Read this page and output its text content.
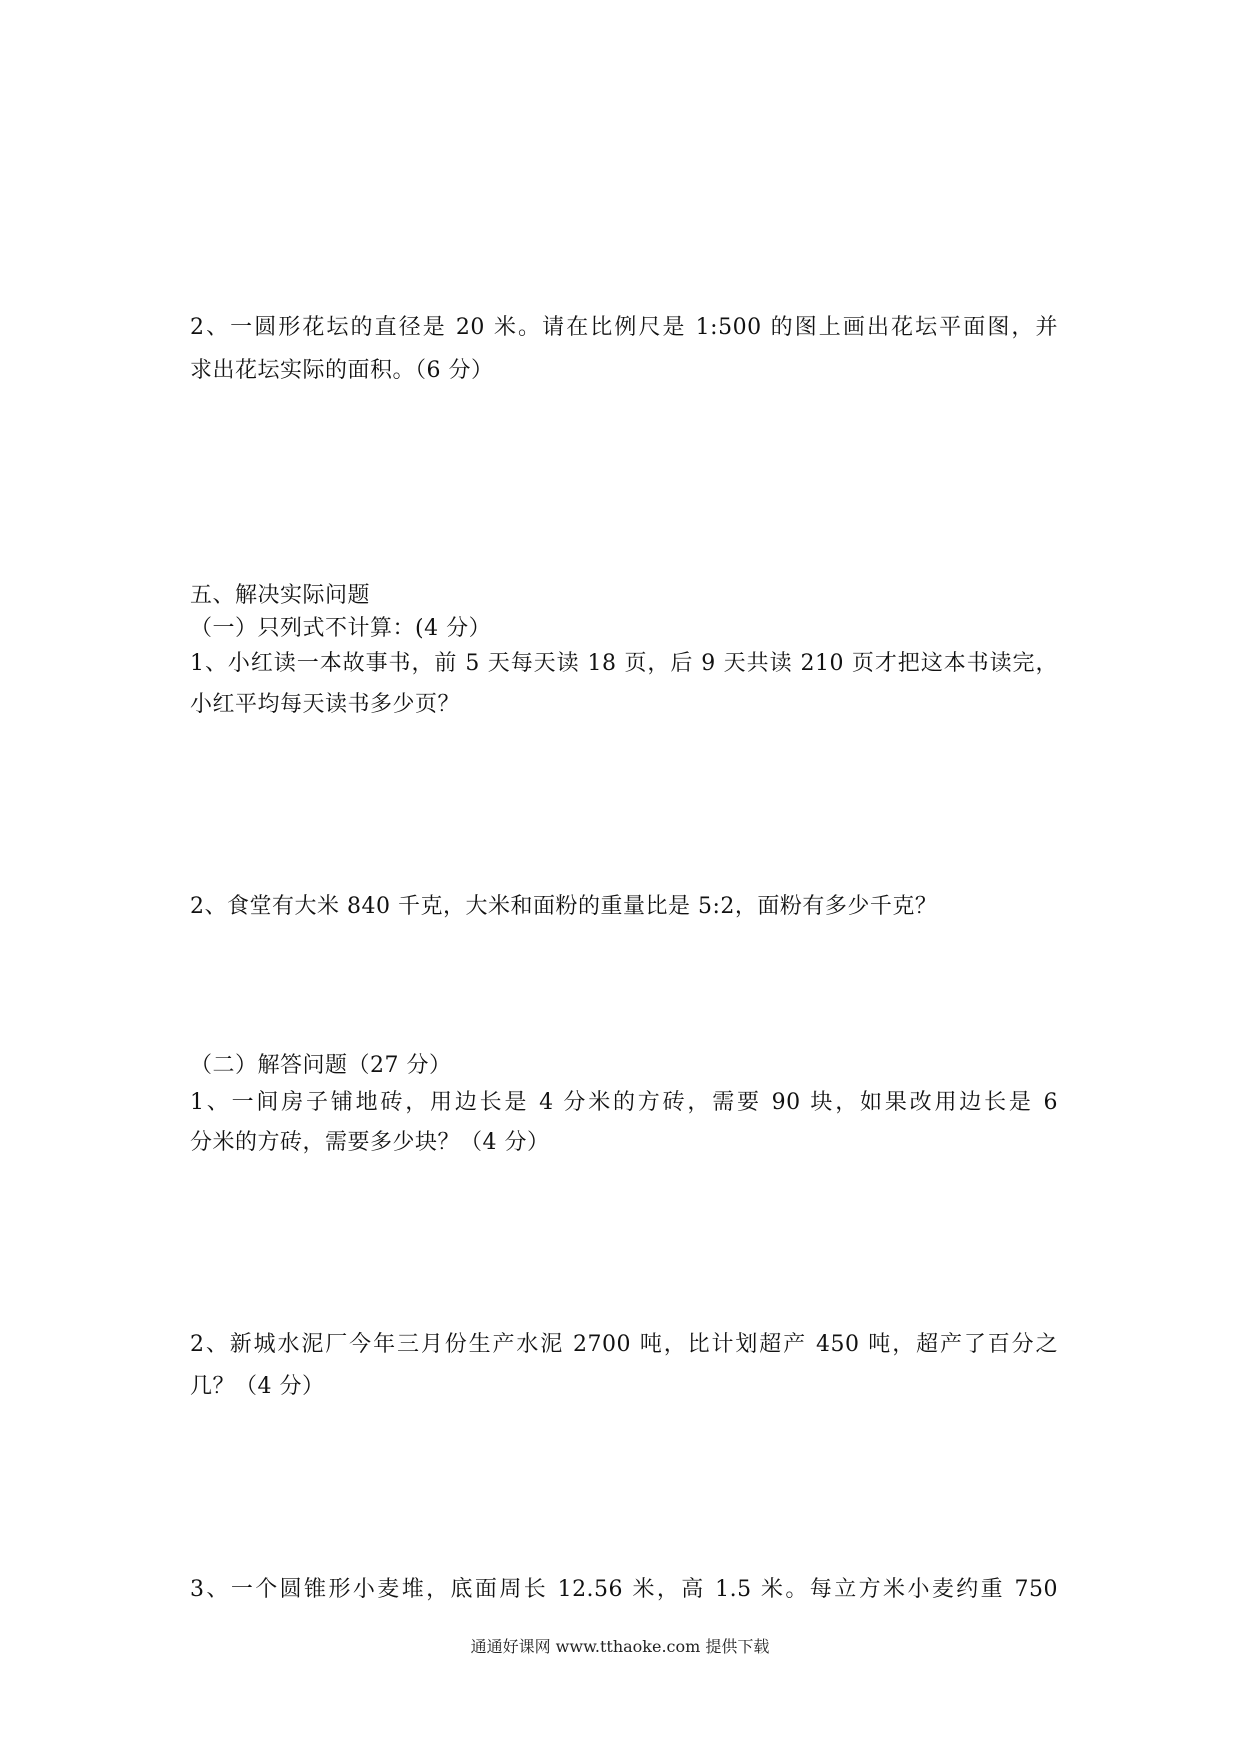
2、一圆形花坛的直径是 20 米。请在比例尺是 1:500 的图上画出花坛平面图，并
求出花坛实际的面积。（6 分）
五、解决实际问题
（一）只列式不计算：(4 分）
1、小红读一本故事书，前 5 天每天读 18 页，后 9 天共读 210 页才把这本书读完，
小红平均每天读书多少页？
2、食堂有大米 840 千克，大米和面粉的重量比是 5:2，面粉有多少千克？
（二）解答问题（27 分）
1、一间房子铺地砖，用边长是 4 分米的方砖，需要 90 块，如果改用边长是 6
分米的方砖，需要多少块？（4 分）
2、新城水泥厂今年三月份生产水泥 2700 吨，比计划超产 450 吨，超产了百分之
几？（4 分）
3、一个圆锥形小麦堆，底面周长 12.56 米，高 1.5 米。每立方米小麦约重 750
通通好课网 www.tthaoke.com 提供下载
